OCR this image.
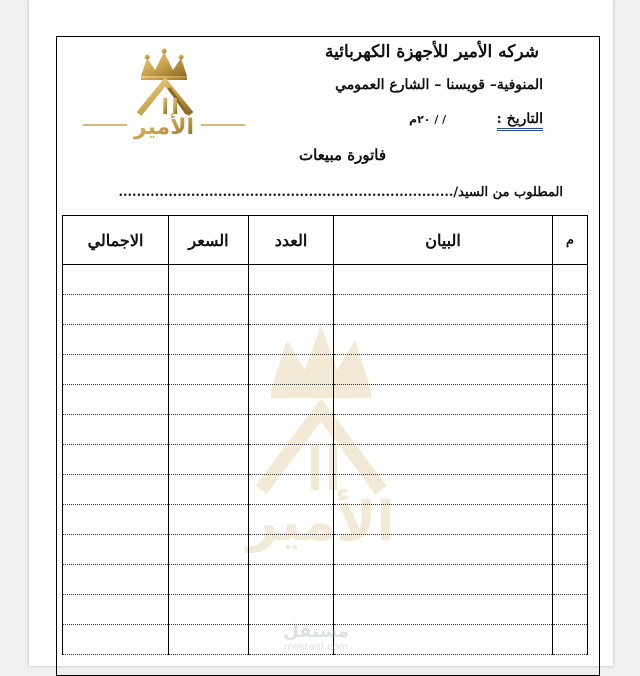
الأمير
شركه الأمير للأجهزة الكهربائية
المنوفية– قويسنا – الشارع العمومي
التاريخ :
/ / ٢٠م
فاتورة مبيعات
المطلوب من السيد/..........................................................................
الأمير
م	البيان	العدد	السعر	الاجمالي

مستقل
mostaql.com
